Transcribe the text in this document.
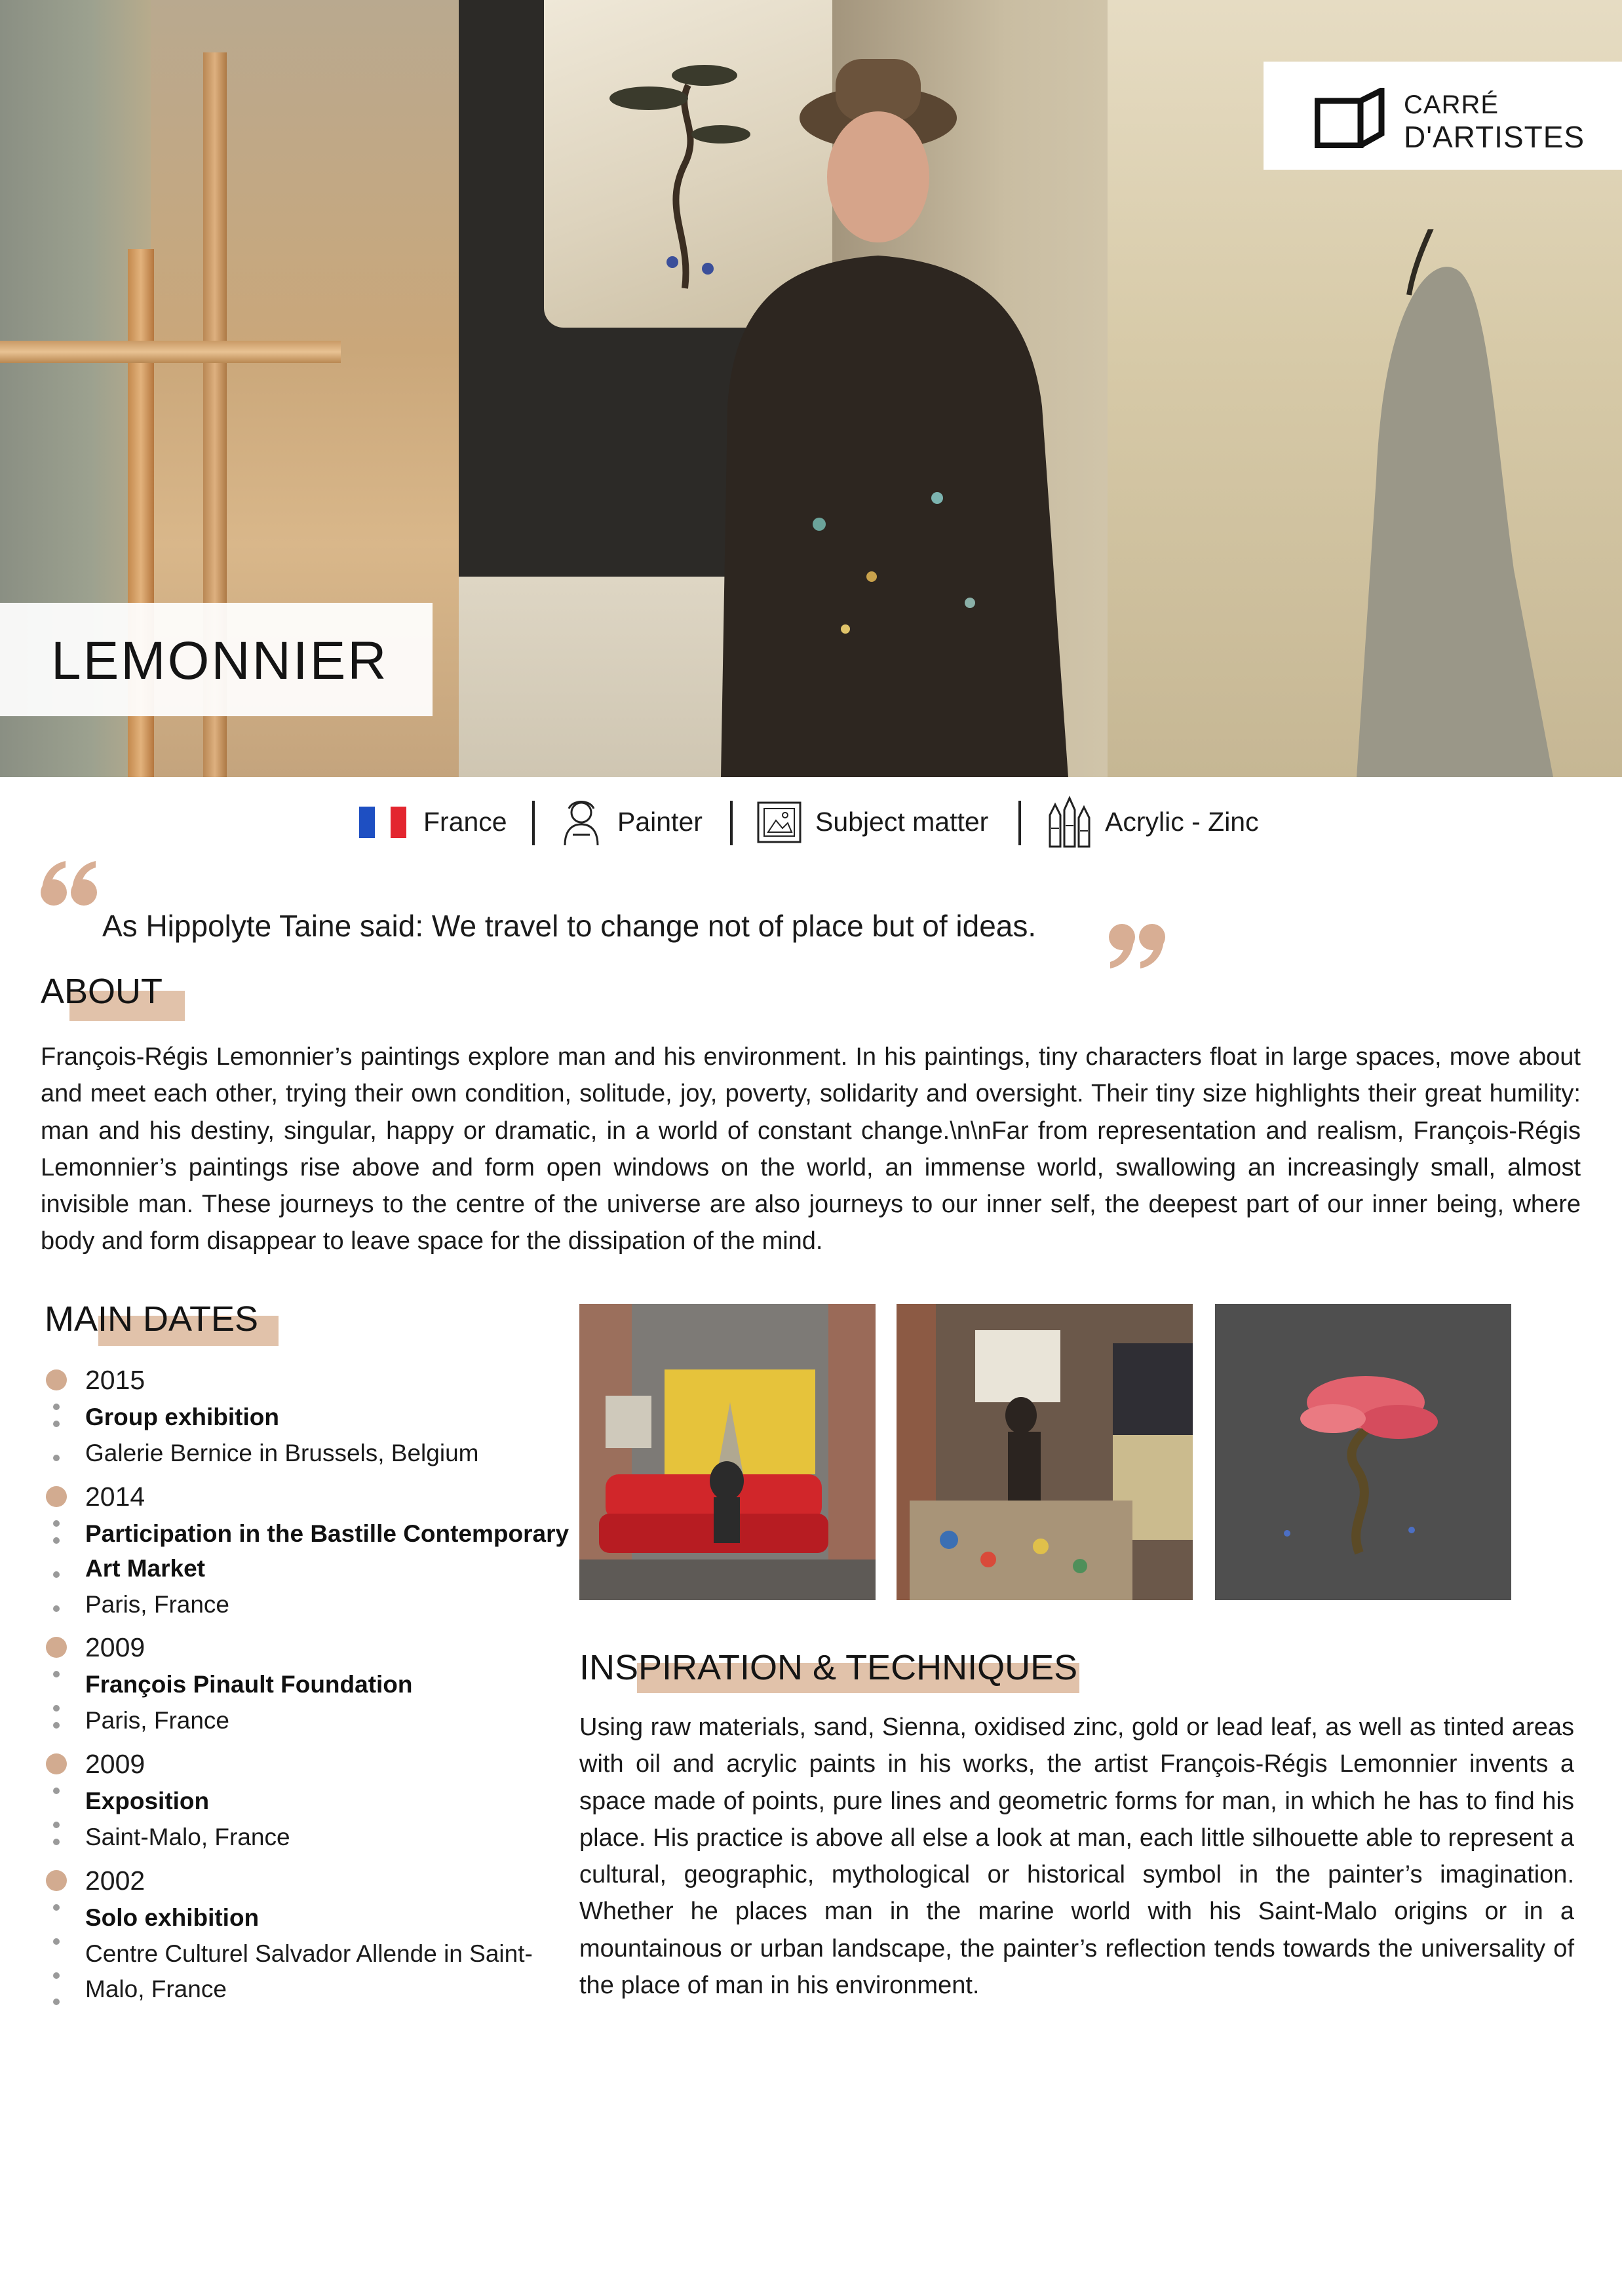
CARRÉ
D'ARTISTES
LEMONNIER
France	Painter	Subject matter	Acrylic - Zinc
As Hippolyte Taine said: We travel to change not of place but of ideas.
ABOUT
François-Régis Lemonnier’s paintings explore man and his environment. In his paintings, tiny characters float in large spaces, move about and meet each other, trying their own condition, solitude, joy, poverty, solidarity and oversight. Their tiny size highlights their great humility: man and his destiny, singular, happy or dramatic, in a world of constant change.\n\nFar from representation and realism, François-Régis Lemonnier’s paintings rise above and form open windows on the world, an immense world, swallowing an increasingly small, almost invisible man. These journeys to the centre of the universe are also journeys to our inner self, the deepest part of our inner being, where body and form disappear to leave space for the dissipation of the mind.
MAIN DATES
2015
Group exhibition
Galerie Bernice in Brussels, Belgium
2014
Participation in the Bastille Contemporary
Art Market
Paris, France
2009
François Pinault Foundation
Paris, France
2009
Exposition
Saint-Malo, France
2002
Solo exhibition
Centre Culturel Salvador Allende in Saint-
Malo, France
INSPIRATION & TECHNIQUES
Using raw materials, sand, Sienna, oxidised zinc, gold or lead leaf, as well as tinted areas with oil and acrylic paints in his works, the artist François-Régis Lemonnier invents a space made of points, pure lines and geometric forms for man, in which he has to find his place. His practice is above all else a look at man, each little silhouette able to represent a cultural, geographic, mythological or historical symbol in the painter’s imagination. Whether he places man in the marine world with his Saint-Malo origins or in a mountainous or urban landscape, the painter’s reflection tends towards the universality of the place of man in his environment.
